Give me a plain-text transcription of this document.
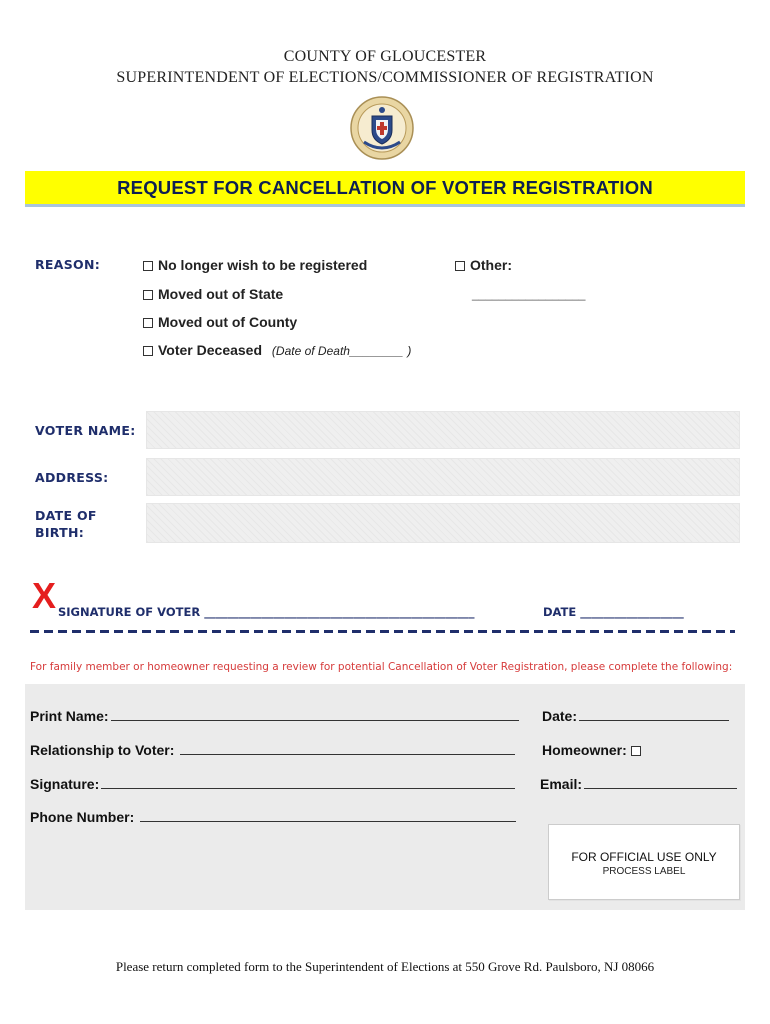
COUNTY OF GLOUCESTER
SUPERINTENDENT OF ELECTIONS/COMMISSIONER OF REGISTRATION
REQUEST FOR CANCELLATION OF VOTER REGISTRATION
REASON:	No longer wish to be registered
Moved out of State
Moved out of County
Voter Deceased (Date of Death________ )
Other:
_________________
VOTER NAME:
ADDRESS:
DATE OF
BIRTH:
X SIGNATURE OF VOTER _______________________________________________	DATE __________________
For family member or homeowner requesting a review for potential Cancellation of Voter Registration, please complete the following:
Print Name:
Relationship to Voter:
Signature:
Phone Number:
Date:
Homeowner:
Email:
FOR OFFICIAL USE ONLY
PROCESS LABEL
Please return completed form to the Superintendent of Elections at 550 Grove Rd. Paulsboro, NJ 08066
